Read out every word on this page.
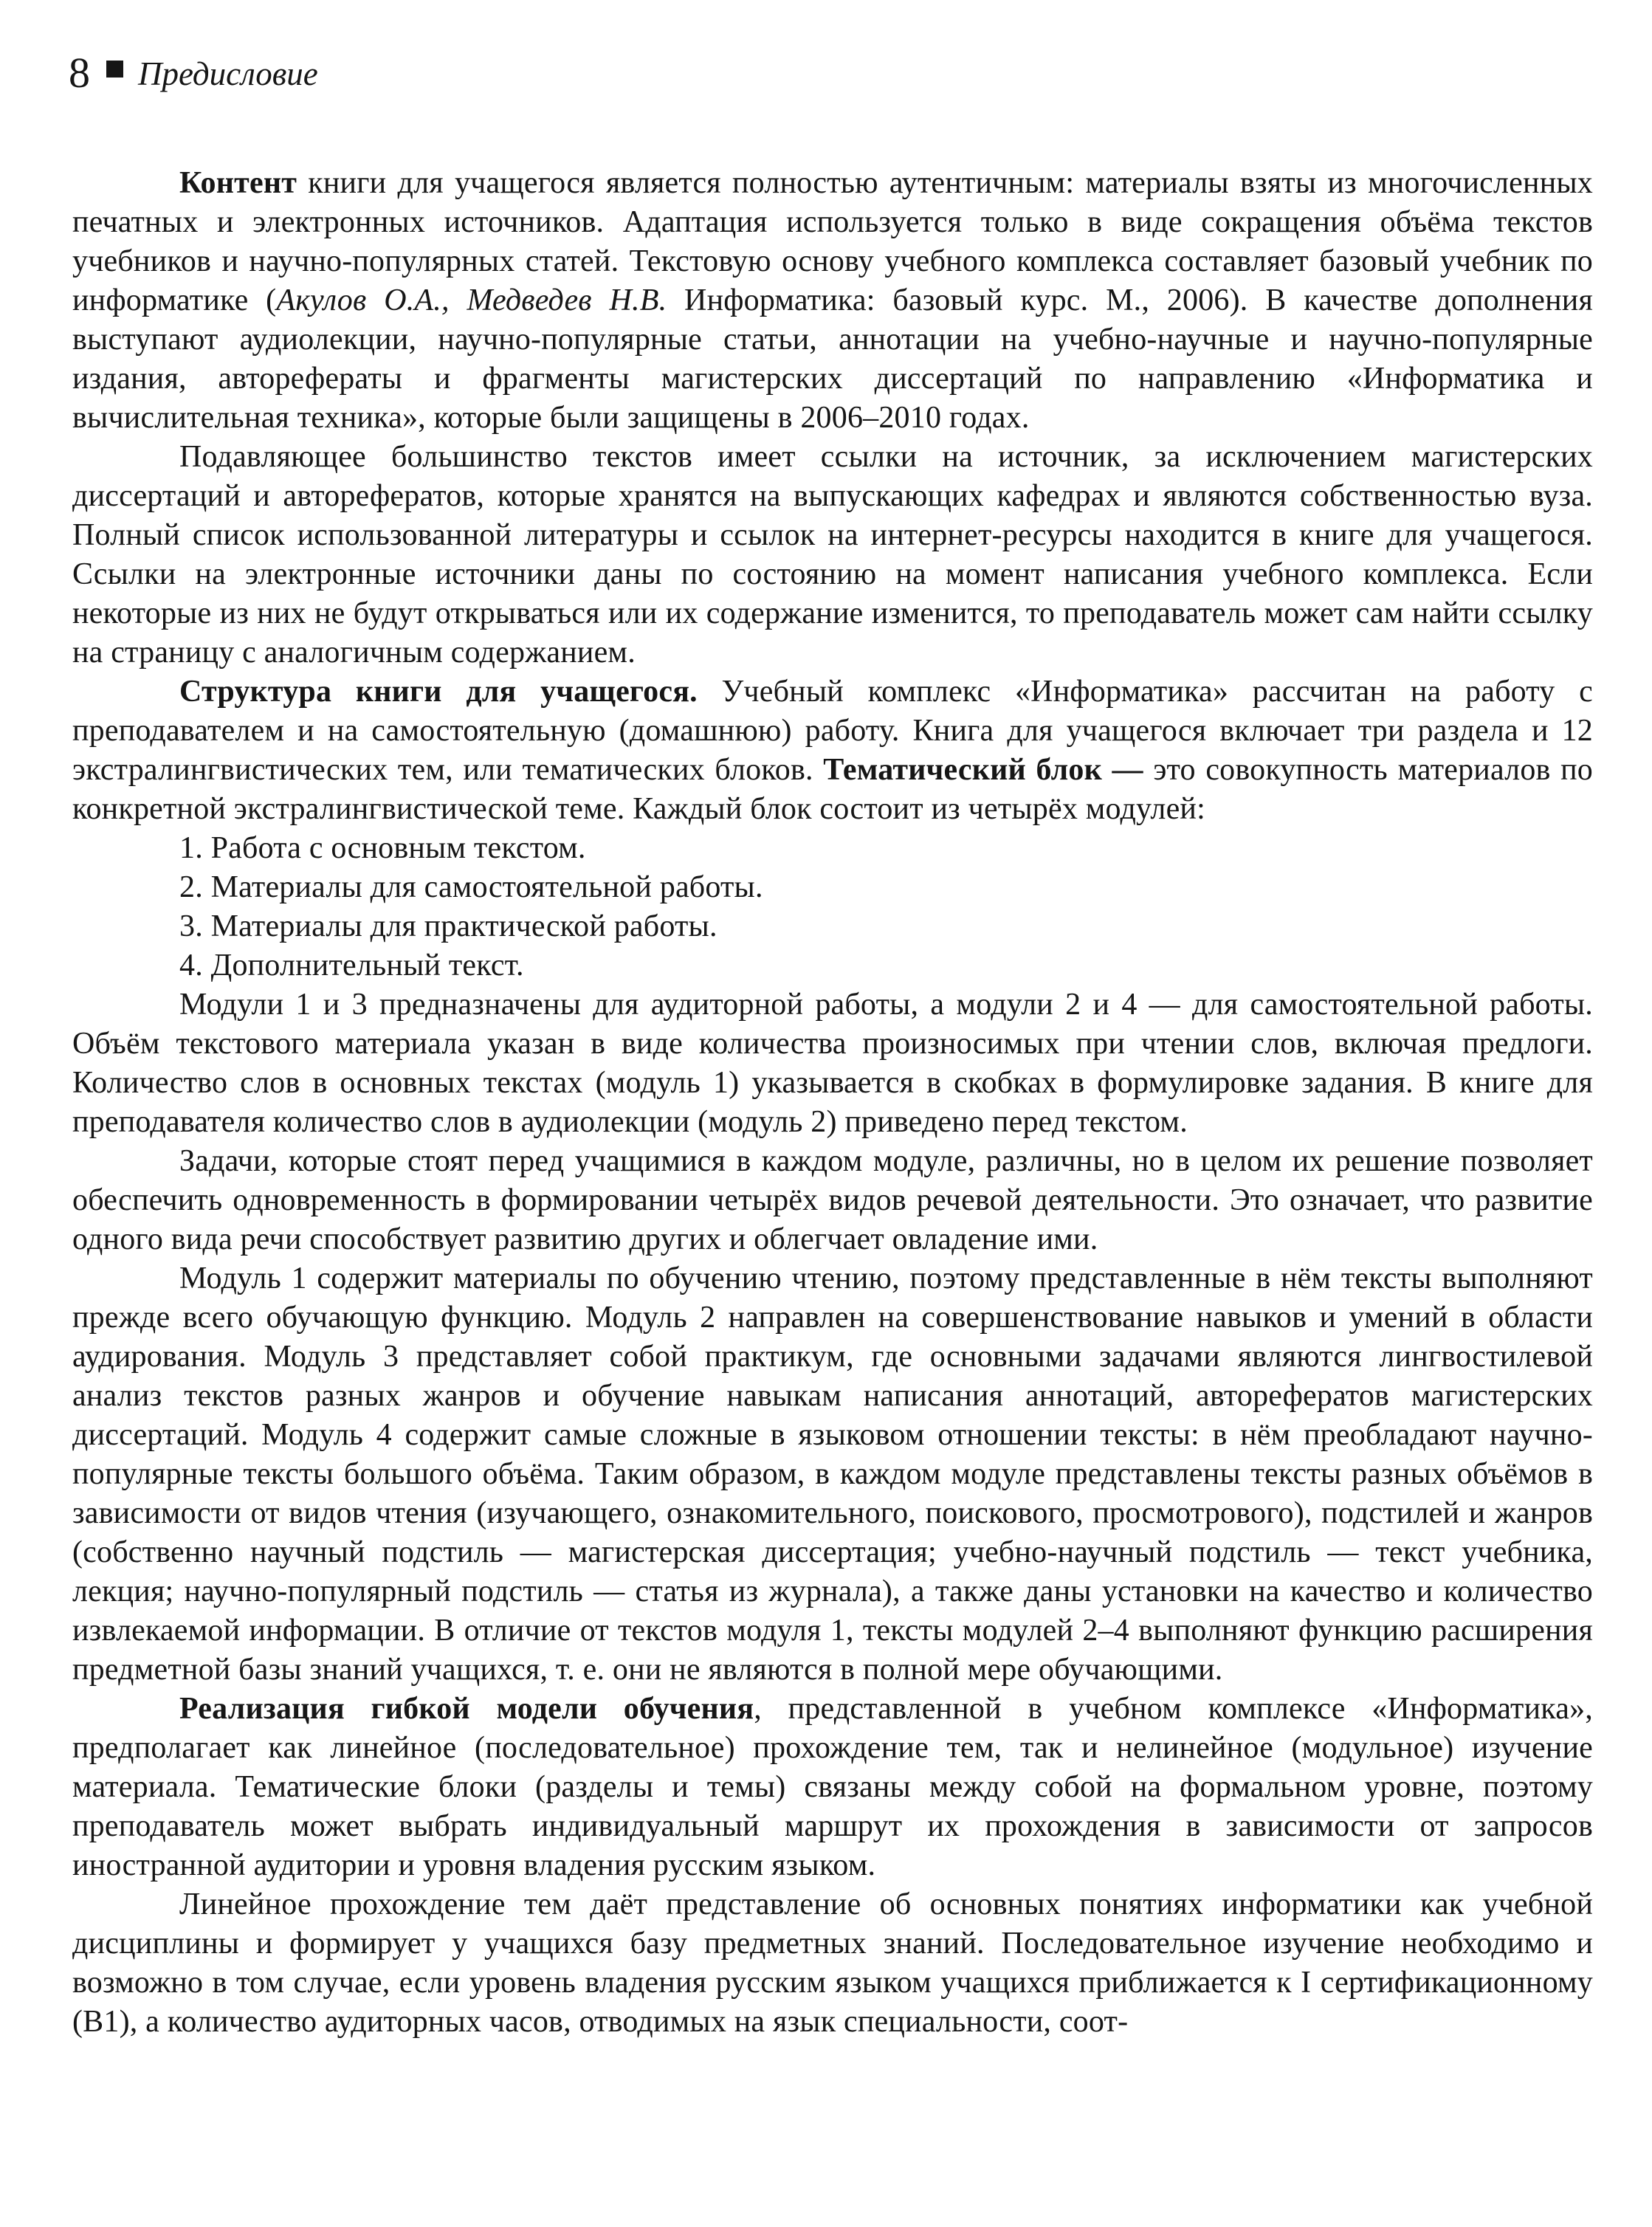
8 Предисловие

Контент книги для учащегося является полностью аутентичным: материалы взяты из многочисленных печатных и электронных источников. Адаптация используется только в виде сокращения объёма текстов учебников и научно-популярных статей. Текстовую основу учебного комплекса составляет базовый учебник по информатике (Акулов О.А., Медведев Н.В. Информатика: базовый курс. М., 2006). В качестве дополнения выступают аудиолекции, научно-популярные статьи, аннотации на учебно-научные и научно-популярные издания, авторефераты и фрагменты магистерских диссертаций по направлению «Информатика и вычислительная техника», которые были защищены в 2006–2010 годах.

Подавляющее большинство текстов имеет ссылки на источник, за исключением магистерских диссертаций и авторефератов, которые хранятся на выпускающих кафедрах и являются собственностью вуза. Полный список использованной литературы и ссылок на интернет-ресурсы находится в книге для учащегося. Ссылки на электронные источники даны по состоянию на момент написания учебного комплекса. Если некоторые из них не будут открываться или их содержание изменится, то преподаватель может сам найти ссылку на страницу с аналогичным содержанием.

Структура книги для учащегося. Учебный комплекс «Информатика» рассчитан на работу с преподавателем и на самостоятельную (домашнюю) работу. Книга для учащегося включает три раздела и 12 экстралингвистических тем, или тематических блоков. Тематический блок — это совокупность материалов по конкретной экстралингвистической теме. Каждый блок состоит из четырёх модулей:

1. Работа с основным текстом.

2. Материалы для самостоятельной работы.

3. Материалы для практической работы.

4. Дополнительный текст.

Модули 1 и 3 предназначены для аудиторной работы, а модули 2 и 4 — для самостоятельной работы. Объём текстового материала указан в виде количества произносимых при чтении слов, включая предлоги. Количество слов в основных текстах (модуль 1) указывается в скобках в формулировке задания. В книге для преподавателя количество слов в аудиолекции (модуль 2) приведено перед текстом.

Задачи, которые стоят перед учащимися в каждом модуле, различны, но в целом их решение позволяет обеспечить одновременность в формировании четырёх видов речевой деятельности. Это означает, что развитие одного вида речи способствует развитию других и облегчает овладение ими.

Модуль 1 содержит материалы по обучению чтению, поэтому представленные в нём тексты выполняют прежде всего обучающую функцию. Модуль 2 направлен на совершенствование навыков и умений в области аудирования. Модуль 3 представляет собой практикум, где основными задачами являются лингвостилевой анализ текстов разных жанров и обучение навыкам написания аннотаций, авторефератов магистерских диссертаций. Модуль 4 содержит самые сложные в языковом отношении тексты: в нём преобладают научно-популярные тексты большого объёма. Таким образом, в каждом модуле представлены тексты разных объёмов в зависимости от видов чтения (изучающего, ознакомительного, поискового, просмотрового), подстилей и жанров (собственно научный подстиль — магистерская диссертация; учебно-научный подстиль — текст учебника, лекция; научно-популярный подстиль — статья из журнала), а также даны установки на качество и количество извлекаемой информации. В отличие от текстов модуля 1, тексты модулей 2–4 выполняют функцию расширения предметной базы знаний учащихся, т. е. они не являются в полной мере обучающими.

Реализация гибкой модели обучения, представленной в учебном комплексе «Информатика», предполагает как линейное (последовательное) прохождение тем, так и нелинейное (модульное) изучение материала. Тематические блоки (разделы и темы) связаны между собой на формальном уровне, поэтому преподаватель может выбрать индивидуальный маршрут их прохождения в зависимости от запросов иностранной аудитории и уровня владения русским языком.

Линейное прохождение тем даёт представление об основных понятиях информатики как учебной дисциплины и формирует у учащихся базу предметных знаний. Последовательное изучение необходимо и возможно в том случае, если уровень владения русским языком учащихся приближается к I сертификационному (В1), а количество аудиторных часов, отводимых на язык специальности, соот-
